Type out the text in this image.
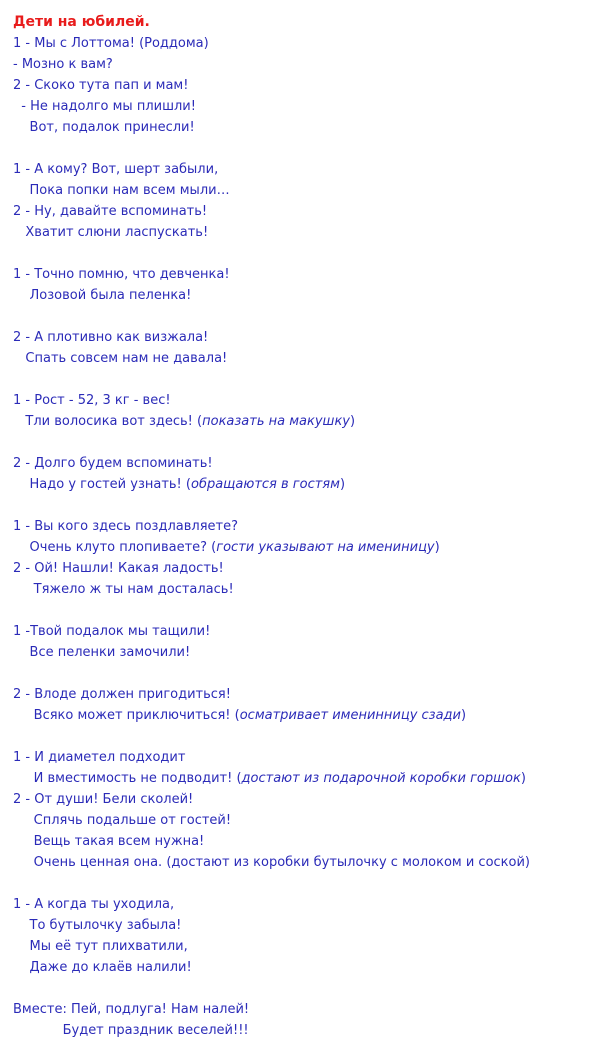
Дети на юбилей.
1 - Мы с Лоттома! (Роддома)
- Мозно к вам?
2 - Скоко тута пап и мам!
- Не надолго мы плишли!
Вот, подалок принесли!
1 - А кому? Вот, шерт забыли,
Пока попки нам всем мыли…
2 - Ну, давайте вспоминать!
Хватит слюни ласпускать!
1 - Точно помню, что девченка!
Лозовой была пеленка!
2 - А плотивно как визжала!
Спать совсем нам не давала!
1 - Рост - 52, 3 кг - вес!
Тли волосика вот здесь! (показать на макушку)
2 - Долго будем вспоминать!
Надо у гостей узнать! (обращаются в гостям)
1 - Вы кого здесь поздлавляете?
Очень клуто плопиваете? (гости указывают на имениницу)
2 - Ой! Нашли! Какая ладость!
Тяжело ж ты нам досталась!
1 -Твой подалок мы тащили!
Все пеленки замочили!
2 - Влоде должен пригодиться!
Всяко может приключиться! (осматривает именинницу сзади)
1 - И диаметел подходит
И вместимость не подводит! (достают из подарочной коробки горшок)
2 - От души! Бели сколей!
Сплячь подальше от гостей!
Вещь такая всем нужна!
Очень ценная она. (достают из коробки бутылочку с молоком и соской)
1 - А когда ты уходила,
То бутылочку забыла!
Мы её тут плихватили,
Даже до клаёв налили!
Вместе: Пей, подлуга! Нам налей!
Будет праздник веселей!!!
